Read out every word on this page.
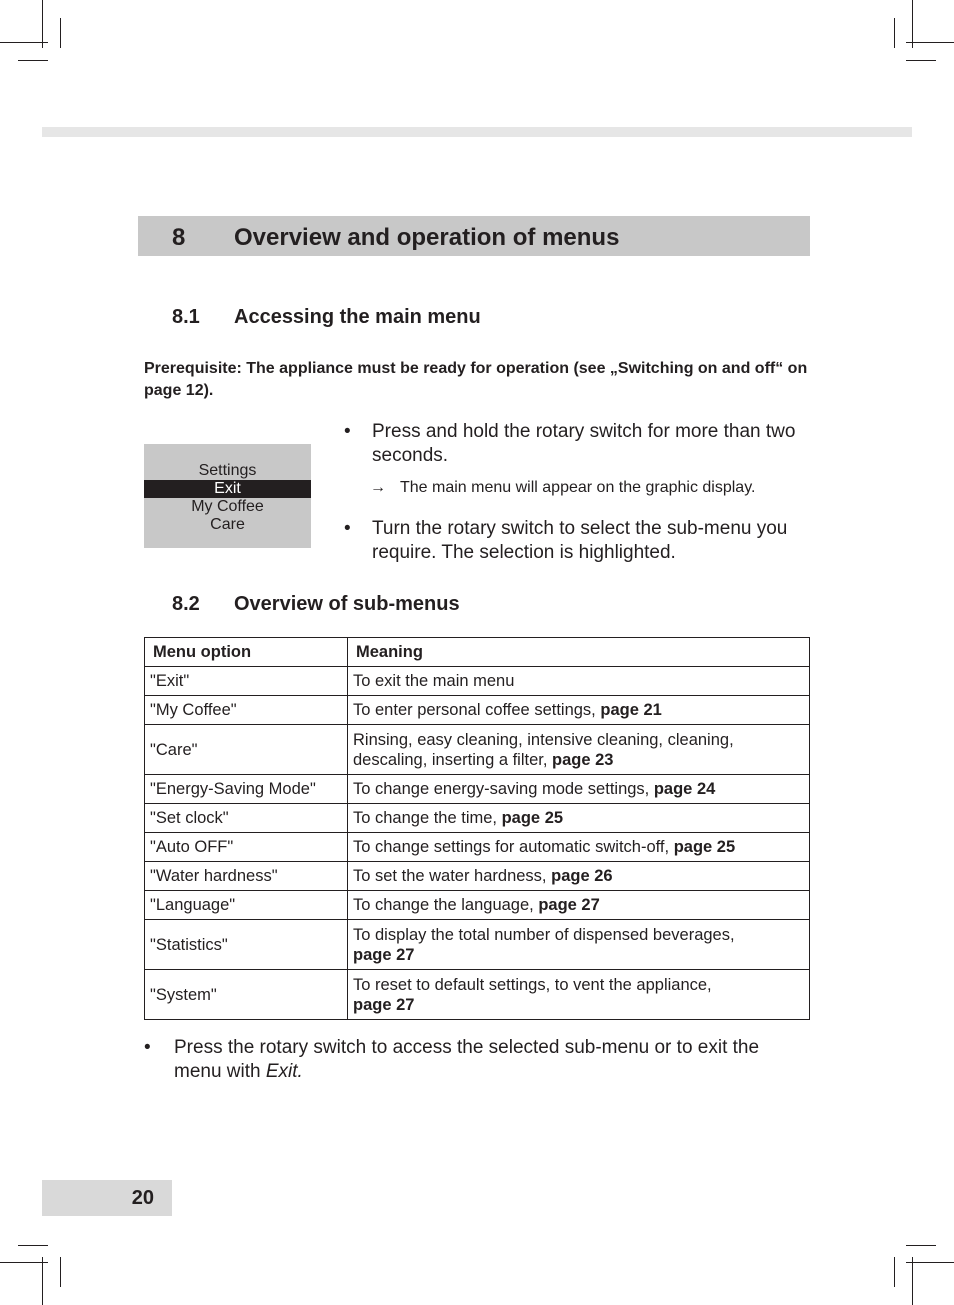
8 Overview and operation of menus
8.1 Accessing the main menu
Prerequisite: The appliance must be ready for operation (see „Switching on and off“ on page 12).
Settings
Exit
My Coffee
Care
• Press and hold the rotary switch for more than two seconds.
→ The main menu will appear on the graphic display.
• Turn the rotary switch to select the sub-menu you require. The selection is highlighted.
8.2 Overview of sub-menus
Menu option	Meaning
"Exit"	To exit the main menu
"My Coffee"	To enter personal coffee settings, page 21
"Care"	Rinsing, easy cleaning, intensive cleaning, cleaning, descaling, inserting a filter, page 23
"Energy-Saving Mode"	To change energy-saving mode settings, page 24
"Set clock"	To change the time, page 25
"Auto OFF"	To change settings for automatic switch-off, page 25
"Water hardness"	To set the water hardness, page 26
"Language"	To change the language, page 27
"Statistics"	To display the total number of dispensed beverages,
page 27
"System"	To reset to default settings, to vent the appliance,
page 27
• Press the rotary switch to access the selected sub-menu or to exit the menu with Exit.
20
